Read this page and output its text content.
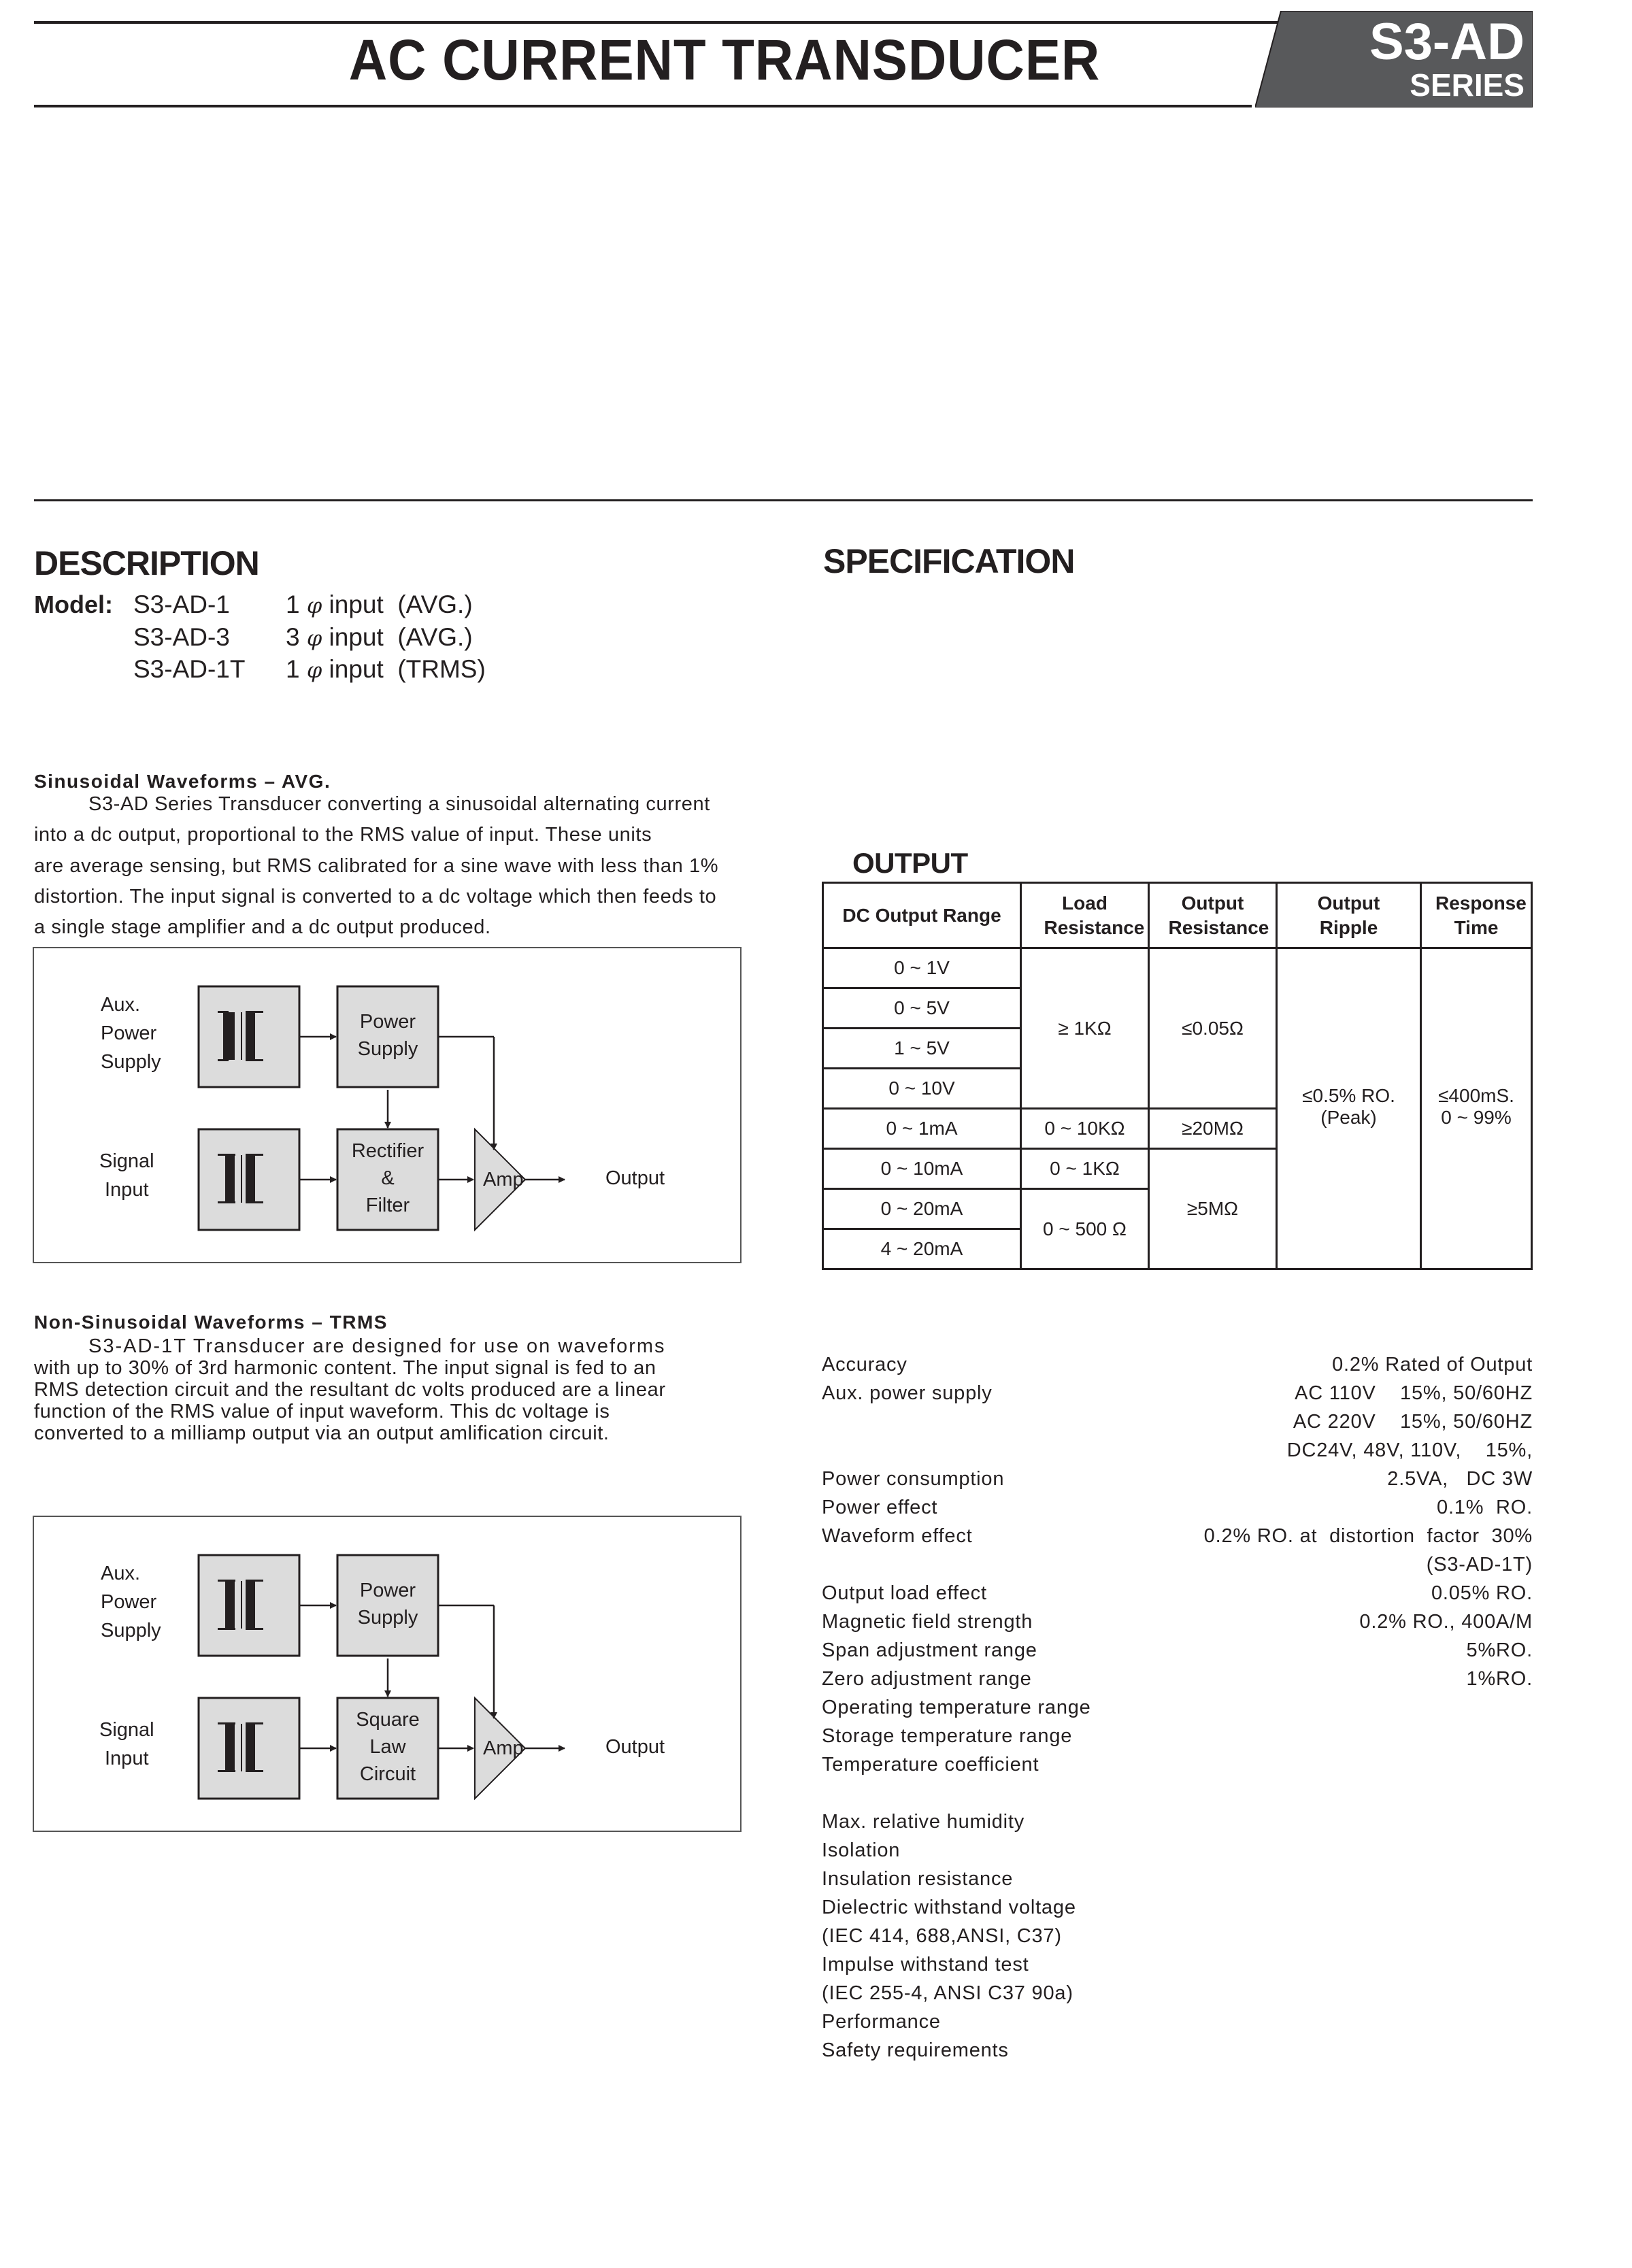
AC CURRENT TRANSDUCER	S3-AD
SERIES
DESCRIPTION
Model: S3-AD-1 1 φ input  (AVG.)
S3-AD-3 3 φ input  (AVG.)
S3-AD-1T 1 φ input  (TRMS)
Sinusoidal Waveforms – AVG.
S3-AD Series Transducer converting a sinusoidal alternating current
into a dc output, proportional to the RMS value of input. These units
are average sensing, but RMS calibrated for a sine wave with less than 1%
distortion. The input signal is converted to a dc voltage which then feeds to
a single stage amplifier and a dc output produced.
Aux.
Power
Supply
Signal
Input
Power
Supply
Rectifier
&
Filter
Amp	Output
Non-Sinusoidal Waveforms – TRMS
S3-AD-1T Transducer are designed for use on waveforms
with up to 30% of 3rd harmonic content. The input signal is fed to an
RMS detection circuit and the resultant dc volts produced are a linear
function of the RMS value of input waveform. This dc voltage is
converted to a milliamp output via an output amlification circuit.
Aux.
Power
Supply
Signal
Input
Power
Supply
Square
Law
Circuit
Amp	Output
SPECIFICATION
OUTPUT
DC Output Range	Load Resistance	Output Resistance	Output Ripple	Response Time

0 ~ 1V	≥ 1KΩ	≤0.05Ω	
≤0.5% RO.
(Peak)

≤400mS.
0 ~ 99%

0 ~ 5V				
1 ~ 5V				
0 ~ 10V				
0 ~ 1mA	0 ~ 10KΩ	≥20MΩ		
0 ~ 10mA	0 ~ 1KΩ	≥5MΩ		
0 ~ 20mA	0 ~ 500 Ω			
4 ~ 20mA				
Accuracy	0.2% Rated of Output
Aux. power supply	AC 110V    15%, 50/60HZ
AC 220V    15%, 50/60HZ
DC24V, 48V, 110V,    15%,
Power consumption	2.5VA,   DC 3W
Power effect	0.1%  RO.
Waveform effect	0.2% RO. at  distortion  factor  30%
(S3-AD-1T)
Output load effect	0.05% RO.
Magnetic field strength	0.2% RO., 400A/M
Span adjustment range	5%RO.
Zero adjustment range	1%RO.
Operating temperature range
Storage temperature range
Temperature coefficient
Max. relative humidity
Isolation
Insulation resistance
Dielectric withstand voltage
(IEC 414, 688,ANSI, C37)
Impulse withstand test
(IEC 255-4, ANSI C37 90a)
Performance
Safety requirements
